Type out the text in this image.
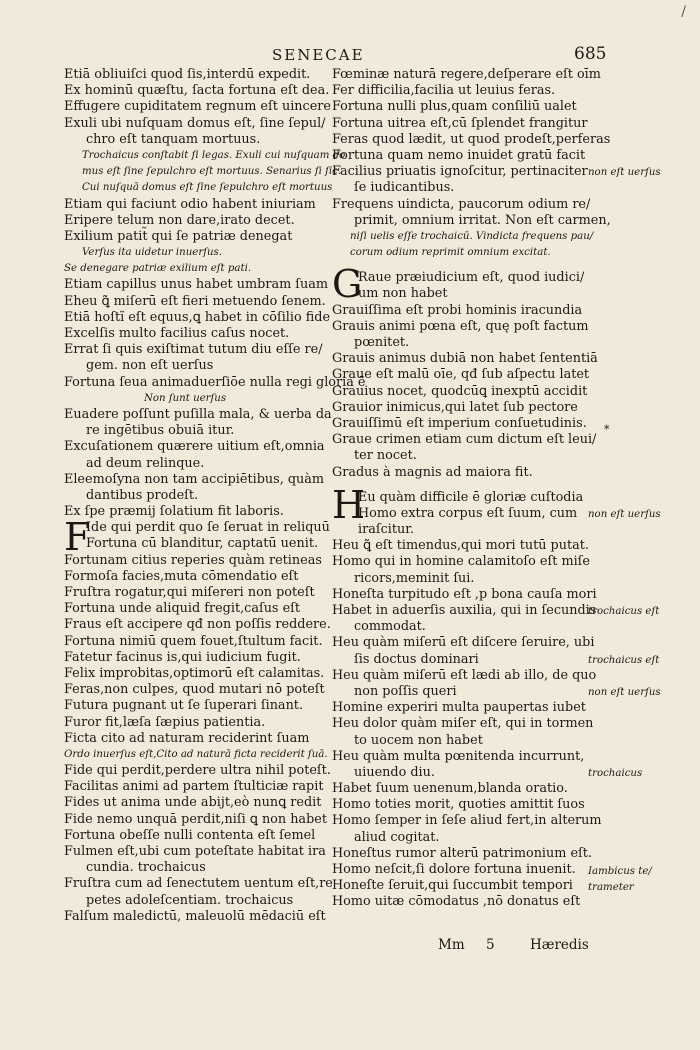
/
SENECAE	685
Etiā obliuiſci quod ſis,interdū expedit.
Ex hominū quæſtu, ſacta fortuna eſt dea.
Effugere cupiditatem regnum eſt uincere
Exuli ubi nuſquam domus eſt, ſine ſepul/
chro eſt tanquam mortuus.
Trochaicus conſtabit ſi legas. Exuli cui nuſquam do
mus eſt ſine ſepulchro eſt mortuus. Senarius ſi ſic.
Cui nuſquā domus eſt ſine ſepulchro eſt mortuus
Etiam qui faciunt odio habent iniuriam
Eripere telum non dare,irato decet.
Exilium patit̃ qui ſe patriæ denegat
Verſus ita uidetur inuerſus.
Se denegare patriæ exilium eſt pati.
Etiam capillus unus habet umbram ſuam
Eheu ꝗ̃ miſerū eſt fieri metuendo ſenem.
Etiā hoſtĩ eſt equus,ꝗ habet in cōſilio fide
Excelſis multo facilius caſus nocet.
Errat ſi quis exiſtimat tutum diu eſſe re/
gem. non eſt uerſus
Fortuna ſeua animaduerſiōe nulla regi gloria ē
Non ſunt uerſus
Euadere poſſunt puſilla mala, & uerba da
re ingētibus obuiā itur.
Excuſationem quærere uitium eſt,omnia
ad deum relinque.
Eleemoſyna non tam accipiētibus, quàm
dantibus prodeſt.
Ex ſpe præmij ſolatium fit laboris.
F
Ide qui perdit quo ſe ſeruat in reliquū
Fortuna cū blanditur, captatū uenit.
Fortunam citius reperies quàm retineas
Formoſa facies,muta cōmendatio eſt
Fruſtra rogatur,qui miſereri non poteſt
Fortuna unde aliquid fregit,caſus eſt
Fraus eſt accipere qđ non poſſis reddere.
Fortuna nimiū quem fouet,ſtultum facit.
Fatetur facinus is,qui iudicium fugit.
Felix improbitas,optimorū eſt calamitas.
Feras,non culpes, quod mutari nō poteſt
Futura pugnant ut ſe ſuperari ſinant.
Furor fit,læſa ſæpius patientia.
Ficta cito ad naturam reciderint ſuam
Ordo inuerſus eſt,Cito ad naturā ficta reciderit ſuā.
Fide qui perdit,perdere ultra nihil poteſt.
Facilitas animi ad partem ſtulticiæ rapit
Fides ut anima unde abijt,eò nunꝗ redit
Fide nemo unquā perdit,niſi ꝗ non habet
Fortuna obeſſe nulli contenta eſt ſemel
Fulmen eſt,ubi cum poteſtate habitat ira
cundia. trochaicus
Fruſtra cum ad ſenectutem uentum eſt,re
petes adoleſcentiam. trochaicus
Falſum maledictū, maleuolū mēdaciū eſt
Fœminæ naturā regere,deſperare eſt oīm
Fer difficilia,facilia ut leuius feras.
Fortuna nulli plus,quam conſiliū ualet
Fortuna uitrea eſt,cū ſplendet frangitur
Feras quod lædit, ut quod prodeſt,perferas
Fortuna quam nemo inuidet gratū facit
Facilius priuatis ignoſcitur, pertinaciter
ſe iudicantibus.
Frequens uindicta, paucorum odium re/
primit, omnium irritat. Non eſt carmen,
niſi uelis eſſe trochaicū. Vindicta frequens pau/
corum odium reprimit omnium excitat.
G
Raue præiudicium eſt, quod iudici/
um non habet
Grauiſſima eſt probi hominis iracundia
Grauis animi pœna eſt, quę poſt factum
pœnitet.
Grauis animus dubiā non habet ſententiā
Graue eſt malū oīe, qđ ſub aſpectu latet
Grauius nocet, quodcūꝗ inexptū accidit
Grauior inimicus,qui latet ſub pectore
Grauiſſimū eſt imperium conſuetudinis.
Graue crimen etiam cum dictum eſt leui/
ter nocet.
Gradus à magnis ad maiora fit.
H
Eu quàm difficile ē gloriæ cuſtodia
Homo extra corpus eſt ſuum, cum
iraſcitur.
Heu ꝗ̃ eſt timendus,qui mori tutū putat.
Homo qui in homine calamitoſo eſt miſe
ricors,meminit ſui.
Honeſta turpitudo eſt ,p bona cauſa mori
Habet in aduerſis auxilia, qui in ſecundis
commodat.
Heu quàm miſerū eſt diſcere ſeruire, ubi
ſis doctus dominari
Heu quàm miſerū eſt lædi ab illo, de quo
non poſſis queri
Homine experiri multa paupertas iubet
Heu dolor quàm miſer eſt, qui in tormen
to uocem non habet
Heu quàm multa pœnitenda incurrunt,
uiuendo diu.
Habet ſuum uenenum,blanda oratio.
Homo toties morit, quoties amittit ſuos
Homo ſemper in ſeſe aliud fert,in alterum
aliud cogitat.
Honeſtus rumor alterū patrimonium eſt.
Homo neſcit,ſi dolore fortuna inuenit.
Honeſte ſeruit,qui ſuccumbit tempori
Homo uitæ cōmodatus ,nō donatus eſt
non eſt uerſus
non eſt uerſus
trochaicus eſt
trochaicus eſt
non eſt uerſus
trochaicus
Iambicus te/
trameter
*
Mm 5	Hæredis
